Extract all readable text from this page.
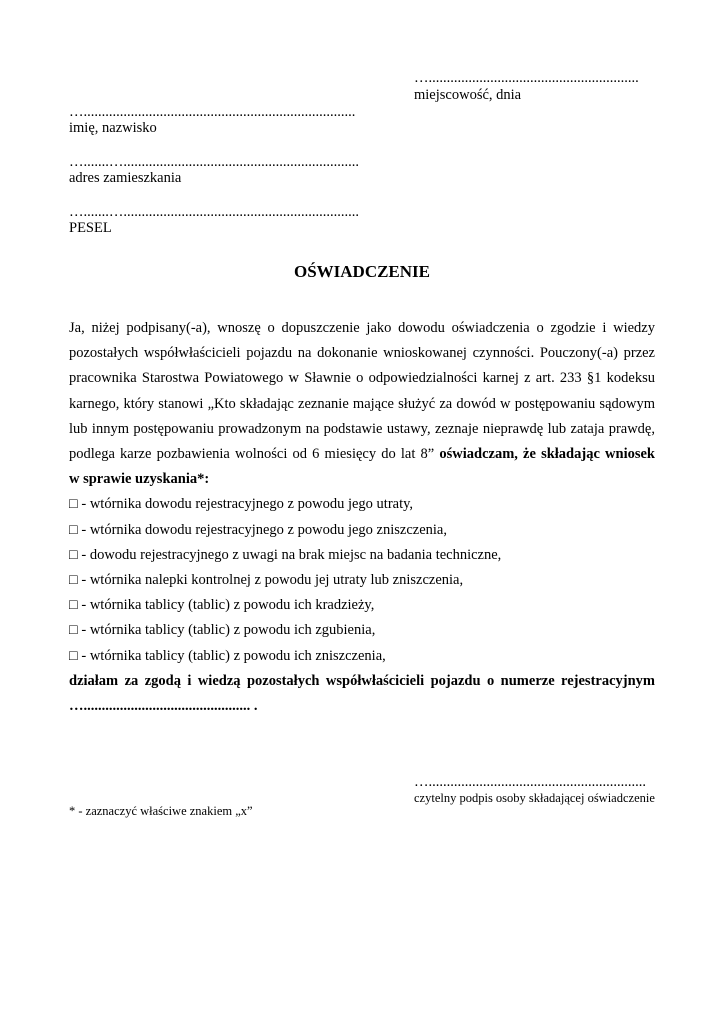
…..........................................................
miejscowość, dnia
…...........................................................................
imię, nazwisko
….......….................................................................
adres zamieszkania
….......….................................................................
PESEL
OŚWIADCZENIE
Ja, niżej podpisany(-a), wnoszę o dopuszczenie jako dowodu oświadczenia o zgodzie i wiedzy
pozostałych współwłaścicieli pojazdu na dokonanie wnioskowanej czynności. Pouczony(-a) przez
pracownika Starostwa Powiatowego w Sławnie o odpowiedzialności karnej z art. 233 §1 kodeksu
karnego, który stanowi „Kto składając zeznanie mające służyć za dowód w postępowaniu sądowym
lub innym postępowaniu prowadzonym na podstawie ustawy, zeznaje nieprawdę lub zataja prawdę,
podlega karze pozbawienia wolności od 6 miesięcy do lat 8” oświadczam, że składając wniosek
w sprawie uzyskania*:
□ - wtórnika dowodu rejestracyjnego z powodu jego utraty,
□ - wtórnika dowodu rejestracyjnego z powodu jego zniszczenia,
□ - dowodu rejestracyjnego z uwagi na brak miejsc na badania techniczne,
□ - wtórnika nalepki kontrolnej z powodu jej utraty lub zniszczenia,
□ - wtórnika tablicy (tablic) z powodu ich kradzieży,
□ - wtórnika tablicy (tablic) z powodu ich zgubienia,
□ - wtórnika tablicy (tablic) z powodu ich zniszczenia,
działam za zgodą i wiedzą pozostałych współwłaścicieli pojazdu o numerze rejestracyjnym
….............................................. .
…............................................................
czytelny podpis osoby składającej oświadczenie
* - zaznaczyć właściwe znakiem „x”
